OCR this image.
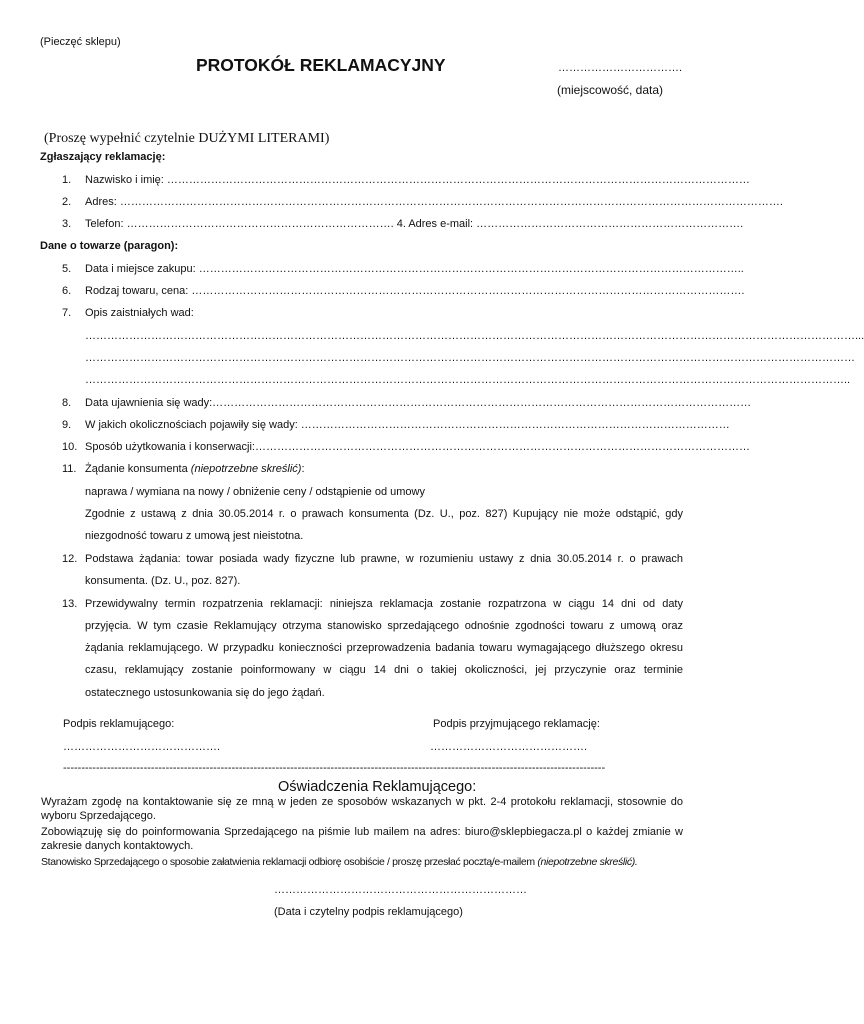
(Pieczęć sklepu)
PROTOKÓŁ REKLAMACYJNY	…………………………….
(miejscowość, data)
(Proszę wypełnić czytelnie DUŻYMI LITERAMI)
Zgłaszający reklamację:
1. Nazwisko i imię: ……………………………………………………………………………………………………………………………………………
2. Adres: ……………………………………………………………………………………………………………………………………………………………….
3. Telefon: ………………………………………………………………. 4. Adres e-mail: ……………………………………………………………….
Dane o towarze (paragon):
5. Data i miejsce zakupu: …………………………………………………………………………………………………………………………………..
6. Rodzaj towaru, cena: …………………………………………………………………………………………………………………………………….
7. Opis zaistniałych wad:
…………………………………………………………………………………………………………………………………………………………………………………………...
…………………………………………………………………………………………………………………………………………………………………………………………
………………………………………………………………………………………………………………………………………………………………………………………..
8. Data ujawnienia się wady:…………………………………………………………………………………………………………………………………
9. W jakich okolicznościach pojawiły się wady: ………………………………………………………………………………………………………
10. Sposób użytkowania i konserwacji:………………………………………………………………………………………………………………………
11. Żądanie konsumenta (niepotrzebne skreślić):
naprawa / wymiana na nowy / obniżenie ceny / odstąpienie od umowy
Zgodnie z ustawą z dnia 30.05.2014 r. o prawach konsumenta (Dz. U., poz. 827) Kupujący nie może odstąpić, gdy
niezgodność towaru z umową jest nieistotna.
12. Podstawa żądania: towar posiada wady fizyczne lub prawne, w rozumieniu ustawy z dnia 30.05.2014 r. o prawach
konsumenta. (Dz. U., poz. 827).
13. Przewidywalny termin rozpatrzenia reklamacji: niniejsza reklamacja zostanie rozpatrzona w ciągu 14 dni od daty
przyjęcia. W tym czasie Reklamujący otrzyma stanowisko sprzedającego odnośnie zgodności towaru z umową oraz
żądania reklamującego. W przypadku konieczności przeprowadzenia badania towaru wymagającego dłuższego okresu
czasu, reklamujący zostanie poinformowany w ciągu 14 dni o takiej okoliczności, jej przyczynie oraz terminie
ostatecznego ustosunkowania się do jego żądań.
Podpis reklamującego:	Podpis przyjmującego reklamację:
…………………………………….	…………………………………….
----------------------------------------------------------------------------------------------------------------------------------------------------
Oświadczenia Reklamującego:
Wyrażam zgodę na kontaktowanie się ze mną w jeden ze sposobów wskazanych w pkt. 2-4 protokołu reklamacji, stosownie do
wyboru Sprzedającego.
Zobowiązuję się do poinformowania Sprzedającego na piśmie lub mailem na adres: biuro@sklepbiegacza.pl o każdej zmianie w
zakresie danych kontaktowych.
Stanowisko Sprzedającego o sposobie załatwienia reklamacji odbiorę osobiście / proszę przesłać pocztą/e-mailem (niepotrzebne skreślić).
……………………………………………………………
(Data i czytelny podpis reklamującego)
